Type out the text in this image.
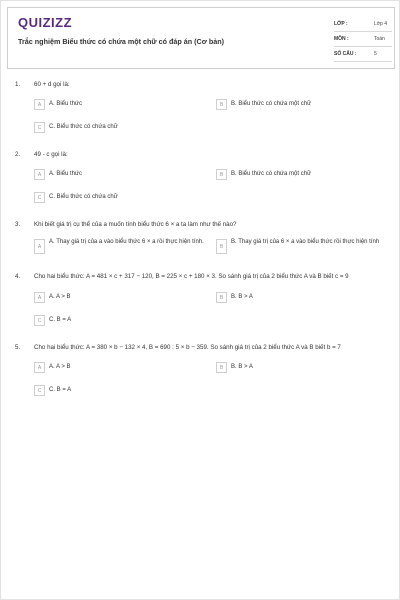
QUIZIZZ
Trắc nghiệm Biểu thức có chứa một chữ có đáp án (Cơ bản)
LỚP :	Lớp 4
MÔN :	Toán
SỐ CÂU :	5
1. 60 + d gọi là:
A	A. Biểu thức	B	B. Biểu thức có chứa một chữ
C	C. Biểu thức có chứa chữ
2. 49 - c gọi là:
A	A. Biểu thức	B	B. Biểu thức có chứa một chữ
C	C. Biểu thức có chứa chữ
3. Khi biết giá trị cụ thể của a muốn tính biểu thức 6 × a ta làm như thế nào?
A
A. Thay giá trị của a vào biểu thức 6 × a rồi thực hiện tính.
B
B. Thay giá trị của 6 × a vào biểu thức rồi thực hiện tính
4. Cho hai biểu thức: A = 481 × c + 317 − 120, B = 225 × c + 180 × 3. So sánh giá trị của 2 biểu thức A và B biết c = 9
A	A. A > B	B	B. B > A
C	C. B = A
5. Cho hai biểu thức: A = 380 × b − 132 × 4, B = 690 : 5 × b − 359. So sánh giá trị của 2 biểu thức A và B biết b = 7
A	A. A > B	B	B. B > A
C	C. B = A
